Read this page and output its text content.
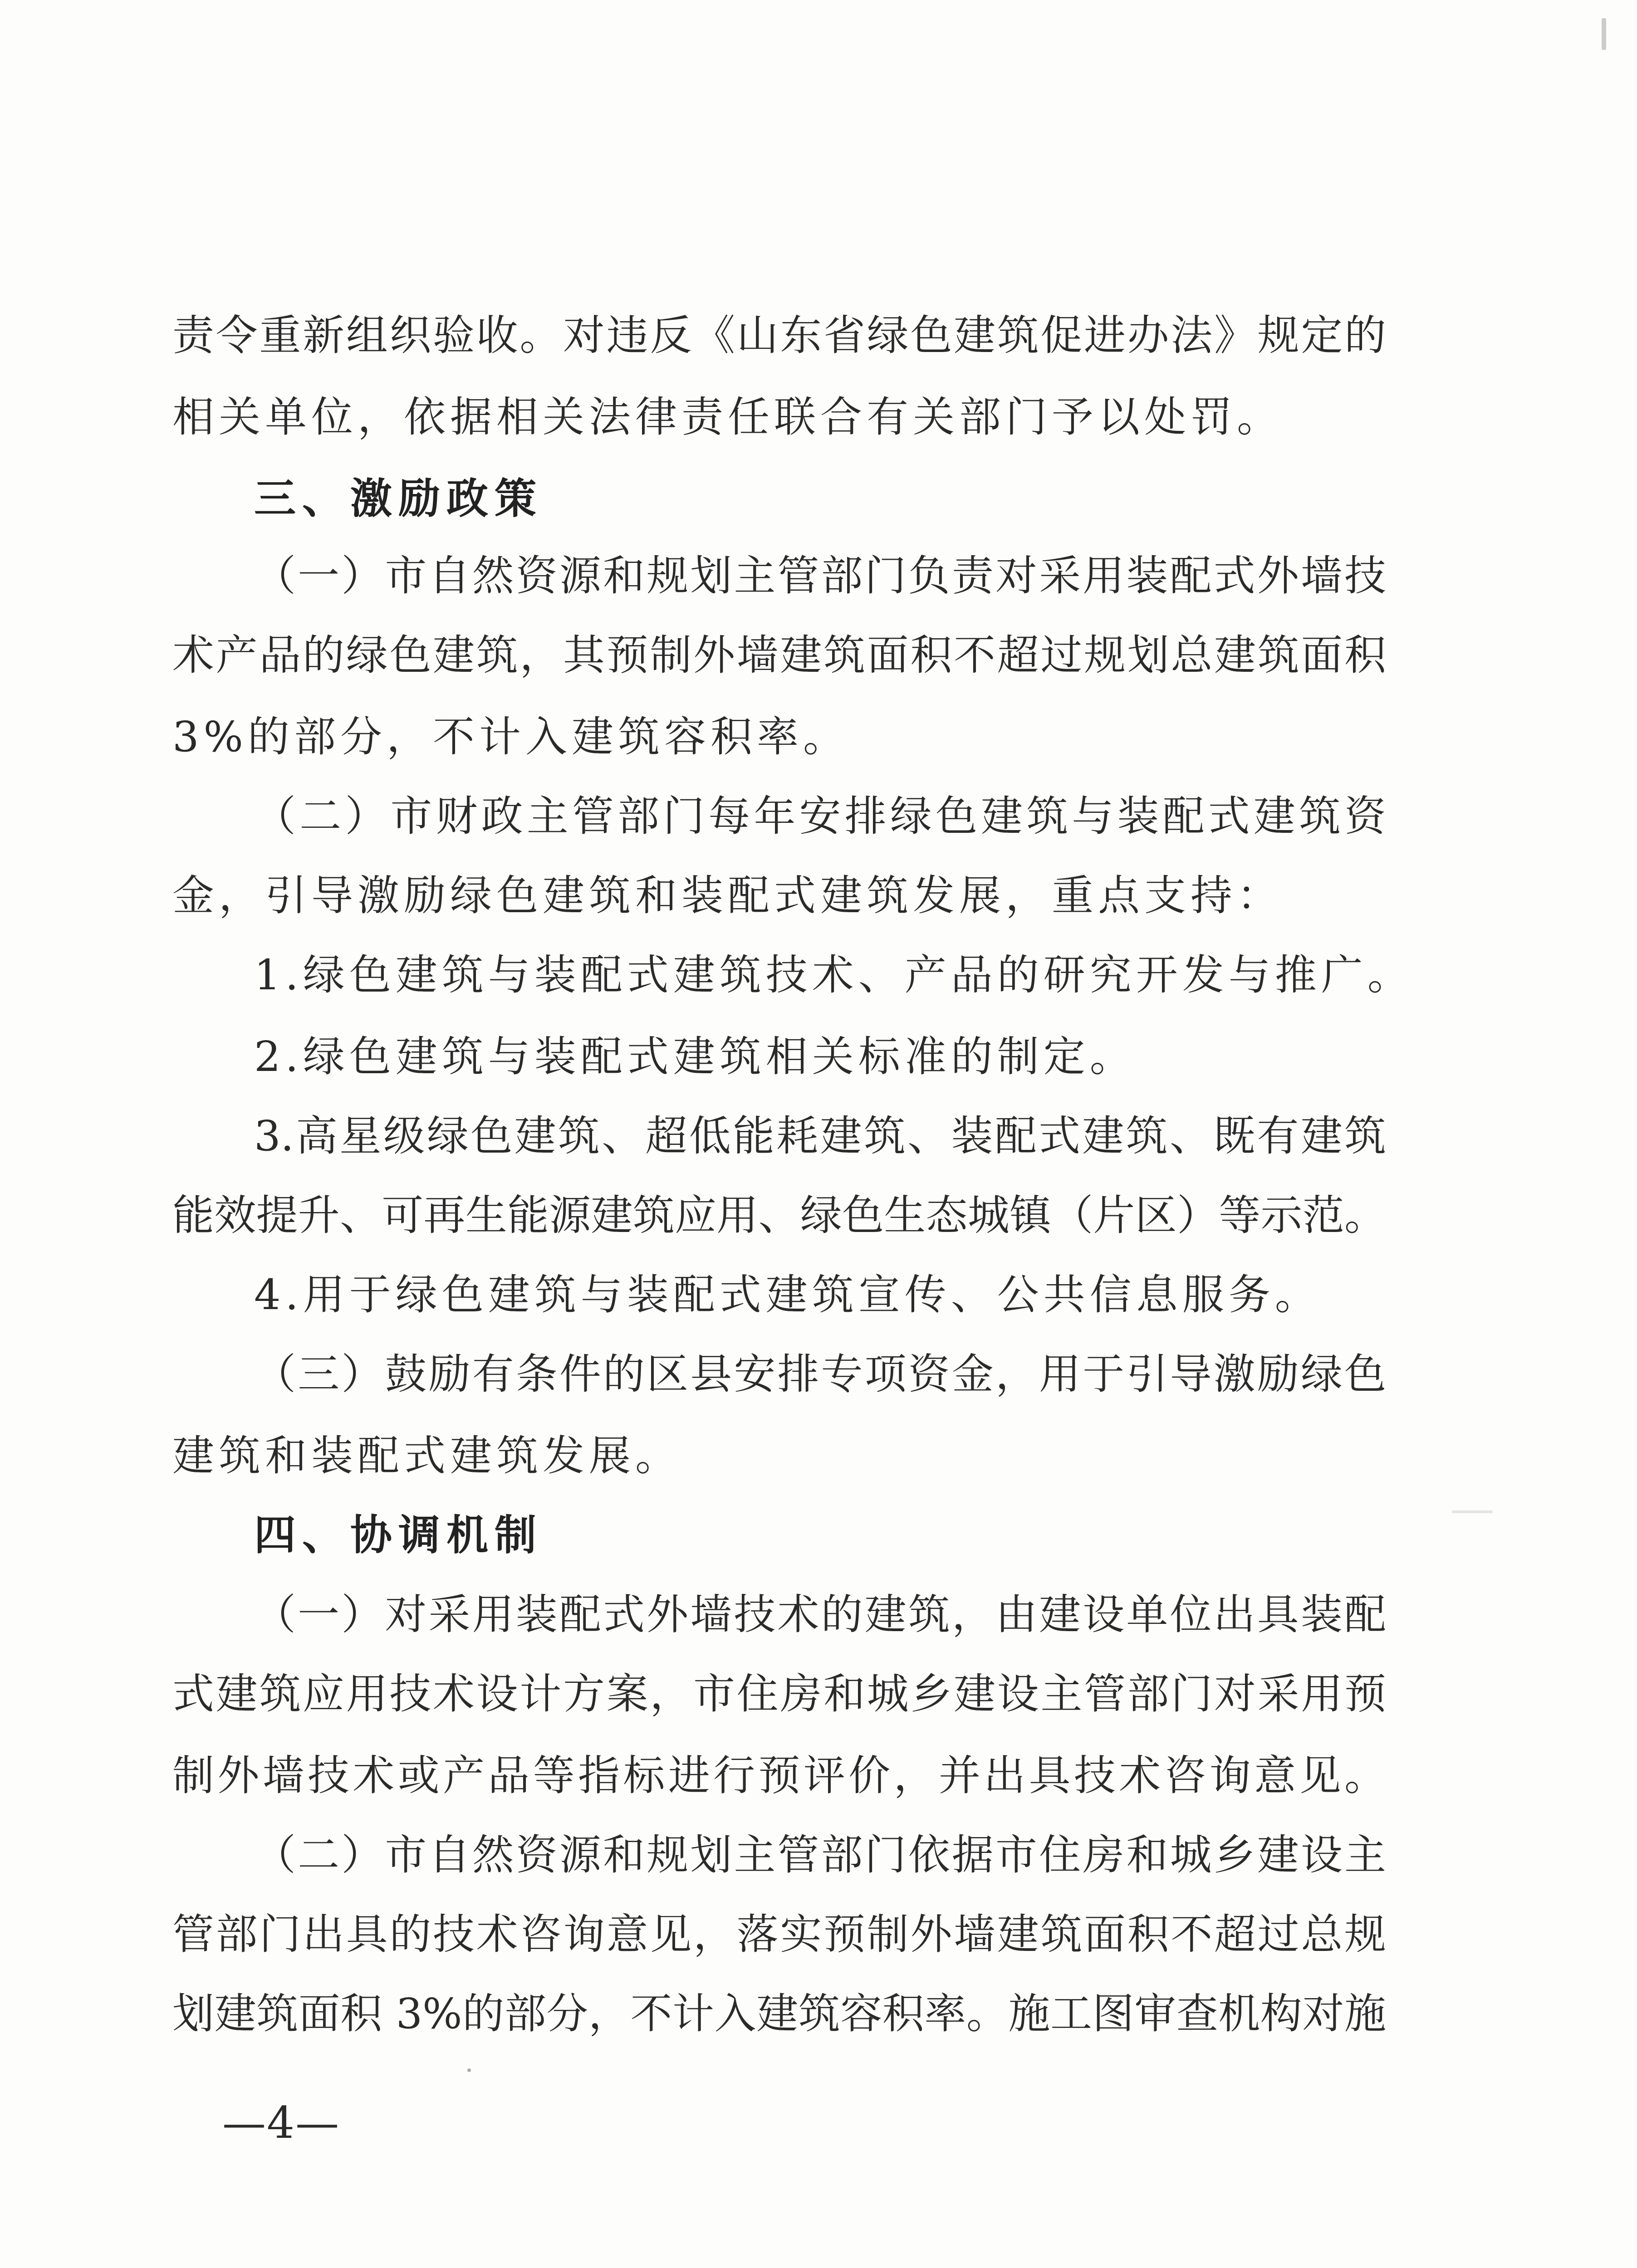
责令重新组织验收。对违反《山东省绿色建筑促进办法》规定的
相关单位，依据相关法律责任联合有关部门予以处罚。
三、激励政策
（一）市自然资源和规划主管部门负责对采用装配式外墙技
术产品的绿色建筑，其预制外墙建筑面积不超过规划总建筑面积
3%的部分，不计入建筑容积率。
（二）市财政主管部门每年安排绿色建筑与装配式建筑资
金，引导激励绿色建筑和装配式建筑发展，重点支持：
1.绿色建筑与装配式建筑技术、产品的研究开发与推广。
2.绿色建筑与装配式建筑相关标准的制定。
3.高星级绿色建筑、超低能耗建筑、装配式建筑、既有建筑
能效提升、可再生能源建筑应用、绿色生态城镇（片区）等示范。
4.用于绿色建筑与装配式建筑宣传、公共信息服务。
（三）鼓励有条件的区县安排专项资金，用于引导激励绿色
建筑和装配式建筑发展。
四、协调机制
（一）对采用装配式外墙技术的建筑，由建设单位出具装配
式建筑应用技术设计方案，市住房和城乡建设主管部门对采用预
制外墙技术或产品等指标进行预评价，并出具技术咨询意见。
（二）市自然资源和规划主管部门依据市住房和城乡建设主
管部门出具的技术咨询意见，落实预制外墙建筑面积不超过总规
划建筑面积 3%的部分，不计入建筑容积率。施工图审查机构对施
—4—
